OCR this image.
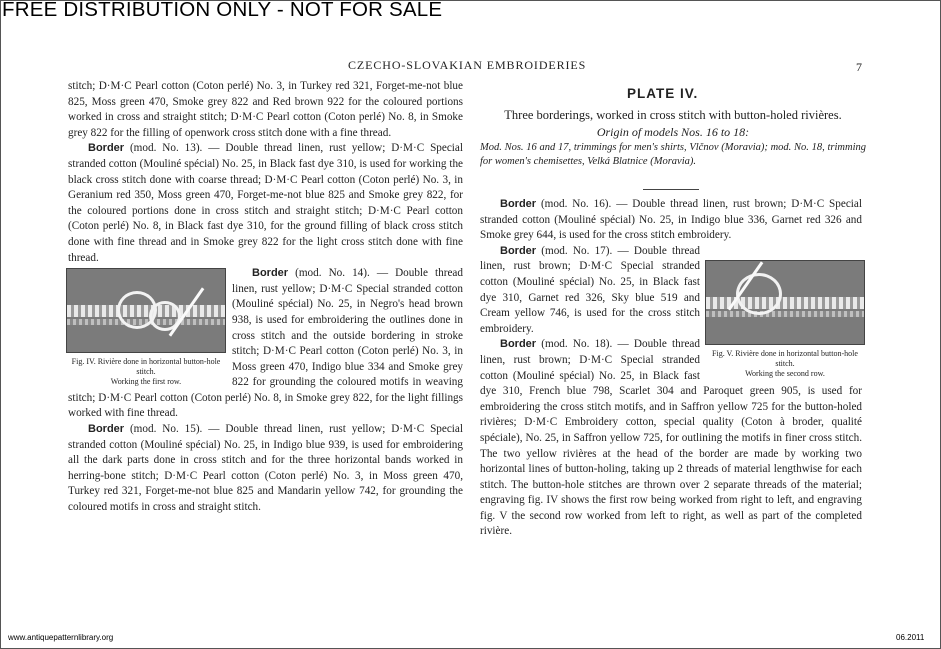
FREE DISTRIBUTION ONLY - NOT FOR SALE
CZECHO-SLOVAKIAN EMBROIDERIES	7

stitch; D·M·C Pearl cotton (Coton perlé) No. 3, in Turkey red 321, Forget-me-not blue 825, Moss green 470, Smoke grey 822 and Red brown 922 for the coloured portions worked in cross and straight stitch; D·M·C Pearl cotton (Coton perlé) No. 8, in Smoke grey 822 for the filling of openwork cross stitch done with a fine thread.

Border (mod. No. 13). — Double thread linen, rust yellow; D·M·C Special stranded cotton (Mouliné spécial) No. 25, in Black fast dye 310, is used for working the black cross stitch done with coarse thread; D·M·C Pearl cotton (Coton perlé) No. 3, in Geranium red 350, Moss green 470, Forget-me-not blue 825 and Smoke grey 822, for the coloured portions done in cross stitch and straight stitch; D·M·C Pearl cotton (Coton perlé) No. 8, in Black fast dye 310, for the ground filling of black cross stitch done with fine thread and in Smoke grey 822 for the light cross stitch done with fine thread.

Fig. IV. Rivière done in horizontal button-hole stitch.
Working the first row.

Border (mod. No. 14). — Double thread linen, rust yellow; D·M·C Special stranded cotton (Mouliné spécial) No. 25, in Negro's head brown 938, is used for embroidering the outlines done in cross stitch and the outside bordering in stroke stitch; D·M·C Pearl cotton (Coton perlé) No. 3, in Moss green 470, Indigo blue 334 and Smoke grey 822 for grounding the coloured motifs in weaving stitch; D·M·C Pearl cotton (Coton perlé) No. 8, in Smoke grey 822, for the light fillings worked with fine thread.

Border (mod. No. 15). — Double thread linen, rust yellow; D·M·C Special stranded cotton (Mouliné spécial) No. 25, in Indigo blue 939, is used for embroidering all the dark parts done in cross stitch and for the three horizontal bands worked in herring-bone stitch; D·M·C Pearl cotton (Coton perlé) No. 3, in Moss green 470, Turkey red 321, Forget-me-not blue 825 and Mandarin yellow 742, for grounding the coloured motifs in cross and straight stitch.

PLATE IV.
Three borderings, worked in cross stitch with button-holed rivières.
Origin of models Nos. 16 to 18:
Mod. Nos. 16 and 17, trimmings for men's shirts, Vlčnov (Moravia); mod. No. 18, trimming for women's chemisettes, Velká Blatnice (Moravia).

Border (mod. No. 16). — Double thread linen, rust brown; D·M·C Special stranded cotton (Mouliné spécial) No. 25, in Indigo blue 336, Garnet red 326 and Smoke grey 644, is used for the cross stitch embroidery.

Fig. V. Rivière done in horizontal button-hole stitch.
Working the second row.

Border (mod. No. 17). — Double thread linen, rust brown; D·M·C Special stranded cotton (Mouliné spécial) No. 25, in Black fast dye 310, Garnet red 326, Sky blue 519 and Cream yellow 746, is used for the cross stitch embroidery.

Border (mod. No. 18). — Double thread linen, rust brown; D·M·C Special stranded cotton (Mouliné spécial) No. 25, in Black fast dye 310, French blue 798, Scarlet 304 and Paroquet green 905, is used for embroidering the cross stitch motifs, and in Saffron yellow 725 for the button-holed rivières; D·M·C Embroidery cotton, special quality (Coton à broder, qualité spéciale), No. 25, in Saffron yellow 725, for outlining the motifs in finer cross stitch. The two yellow rivières at the head of the border are made by working two horizontal lines of button-holing, taking up 2 threads of material lengthwise for each stitch. The button-hole stitches are thrown over 2 separate threads of the material; engraving fig. IV shows the first row being worked from right to left, and engraving fig. V the second row worked from left to right, as well as part of the completed rivière.

www.antiquepatternlibrary.org	06.2011
